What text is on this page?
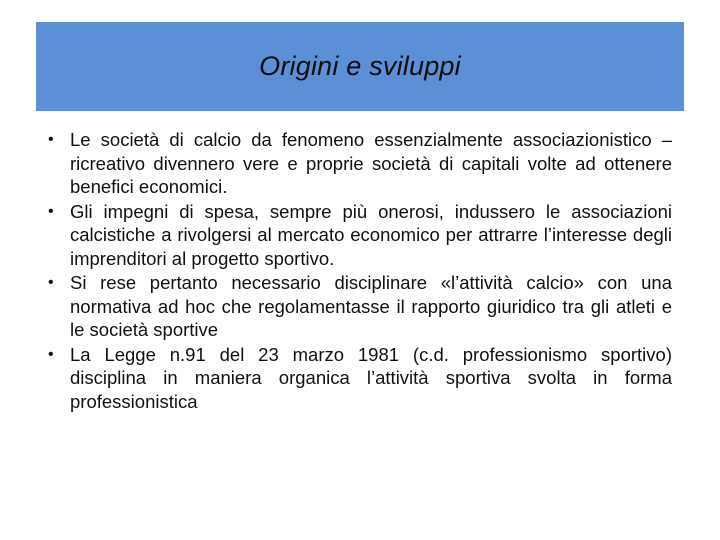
Origini e sviluppi
• Le società di calcio da fenomeno essenzialmente associazionistico – ricreativo divennero vere e proprie società di capitali volte ad ottenere benefici economici.
• Gli impegni di spesa, sempre più onerosi, indussero le associazioni calcistiche a rivolgersi al mercato economico per attrarre l’interesse degli imprenditori al progetto sportivo.
• Si rese pertanto necessario disciplinare «l’attività calcio» con una normativa ad hoc che regolamentasse il rapporto giuridico tra gli atleti e le società sportive
• La Legge n.91 del 23 marzo 1981 (c.d. professionismo sportivo) disciplina in maniera organica l’attività sportiva svolta in forma professionistica
